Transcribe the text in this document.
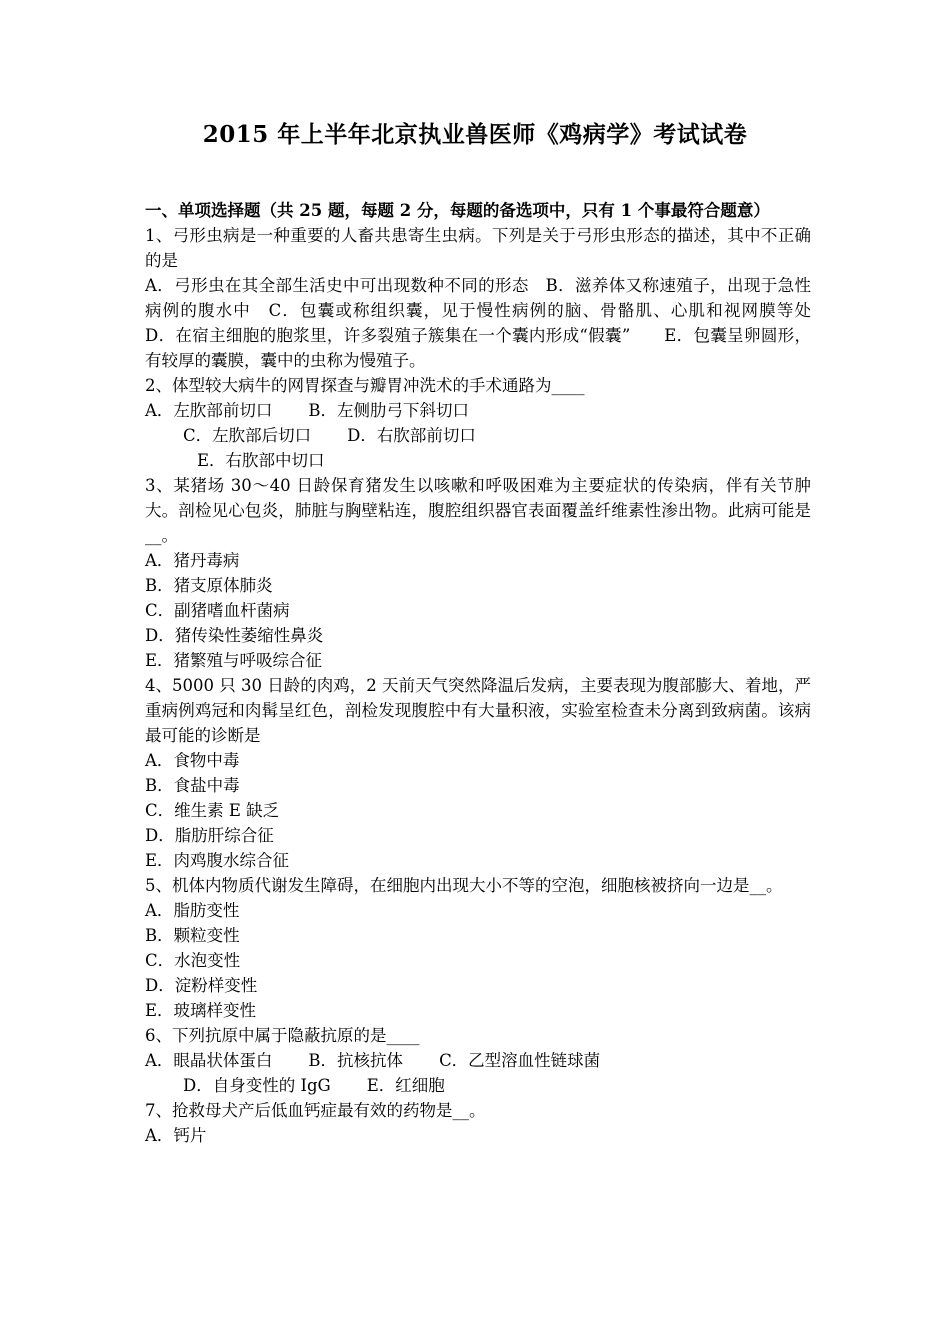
2015 年上半年北京执业兽医师《鸡病学》考试试卷
一、单项选择题（共 25 题，每题 2 分，每题的备选项中，只有 1 个事最符合题意）
1、弓形虫病是一种重要的人畜共患寄生虫病。下列是关于弓形虫形态的描述，其中不正确的是
A．弓形虫在其全部生活史中可出现数种不同的形态　B．滋养体又称速殖子，出现于急性病例的腹水中　C．包囊或称组织囊，见于慢性病例的脑、骨骼肌、心肌和视网膜等处　D．在宿主细胞的胞浆里，许多裂殖子簇集在一个囊内形成“假囊”　　E．包囊呈卵圆形，有较厚的囊膜，囊中的虫称为慢殖子。
2、体型较大病牛的网胃探查与瓣胃冲洗术的手术通路为____
A．左肷部前切口 B．左侧肋弓下斜切口
C．左肷部后切口 D．右肷部前切口
E．右肷部中切口
3、某猪场 30～40 日龄保育猪发生以咳嗽和呼吸困难为主要症状的传染病，伴有关节肿大。剖检见心包炎，肺脏与胸壁粘连，腹腔组织器官表面覆盖纤维素性渗出物。此病可能是__。
A．猪丹毒病
B．猪支原体肺炎
C．副猪嗜血杆菌病
D．猪传染性萎缩性鼻炎
E．猪繁殖与呼吸综合征
4、5000 只 30 日龄的肉鸡，2 天前天气突然降温后发病，主要表现为腹部膨大、着地，严重病例鸡冠和肉髯呈红色，剖检发现腹腔中有大量积液，实验室检查未分离到致病菌。该病最可能的诊断是
A．食物中毒
B．食盐中毒
C．维生素 E 缺乏
D．脂肪肝综合征
E．肉鸡腹水综合征
5、机体内物质代谢发生障碍，在细胞内出现大小不等的空泡，细胞核被挤向一边是__。
A．脂肪变性
B．颗粒变性
C．水泡变性
D．淀粉样变性
E．玻璃样变性
6、下列抗原中属于隐蔽抗原的是____
A．眼晶状体蛋白 B．抗核抗体 C．乙型溶血性链球菌
D．自身变性的 IgG E．红细胞
7、抢救母犬产后低血钙症最有效的药物是__。
A．钙片
